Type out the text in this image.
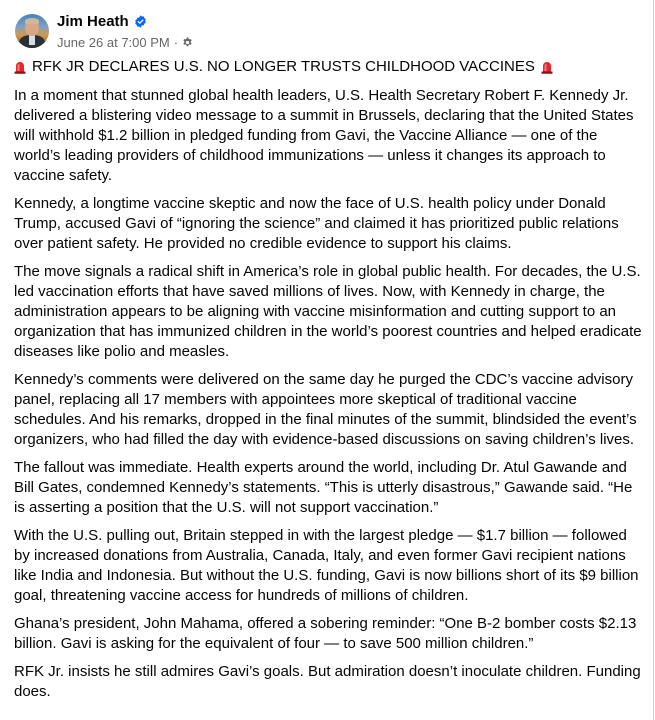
Jim Heath
June 26 at 7:00 PM ·
RFK JR DECLARES U.S. NO LONGER TRUSTS CHILDHOOD VACCINES

In a moment that stunned global health leaders, U.S. Health Secretary Robert F. Kennedy Jr. delivered a blistering video message to a summit in Brussels, declaring that the United States will withhold $1.2 billion in pledged funding from Gavi, the Vaccine Alliance — one of the world’s leading providers of childhood immunizations — unless it changes its approach to vaccine safety.

Kennedy, a longtime vaccine skeptic and now the face of U.S. health policy under Donald Trump, accused Gavi of “ignoring the science” and claimed it has prioritized public relations over patient safety. He provided no credible evidence to support his claims.

The move signals a radical shift in America’s role in global public health. For decades, the U.S. led vaccination efforts that have saved millions of lives. Now, with Kennedy in charge, the administration appears to be aligning with vaccine misinformation and cutting support to an organization that has immunized children in the world’s poorest countries and helped eradicate diseases like polio and measles.

Kennedy’s comments were delivered on the same day he purged the CDC’s vaccine advisory panel, replacing all 17 members with appointees more skeptical of traditional vaccine schedules. And his remarks, dropped in the final minutes of the summit, blindsided the event’s organizers, who had filled the day with evidence-based discussions on saving children’s lives.

The fallout was immediate. Health experts around the world, including Dr. Atul Gawande and Bill Gates, condemned Kennedy’s statements. “This is utterly disastrous,” Gawande said. “He is asserting a position that the U.S. will not support vaccination.”

With the U.S. pulling out, Britain stepped in with the largest pledge — $1.7 billion — followed by increased donations from Australia, Canada, Italy, and even former Gavi recipient nations like India and Indonesia. But without the U.S. funding, Gavi is now billions short of its $9 billion goal, threatening vaccine access for hundreds of millions of children.

Ghana’s president, John Mahama, offered a sobering reminder: “One B-2 bomber costs $2.13 billion. Gavi is asking for the equivalent of four — to save 500 million children.”

RFK Jr. insists he still admires Gavi’s goals. But admiration doesn’t inoculate children. Funding does.
